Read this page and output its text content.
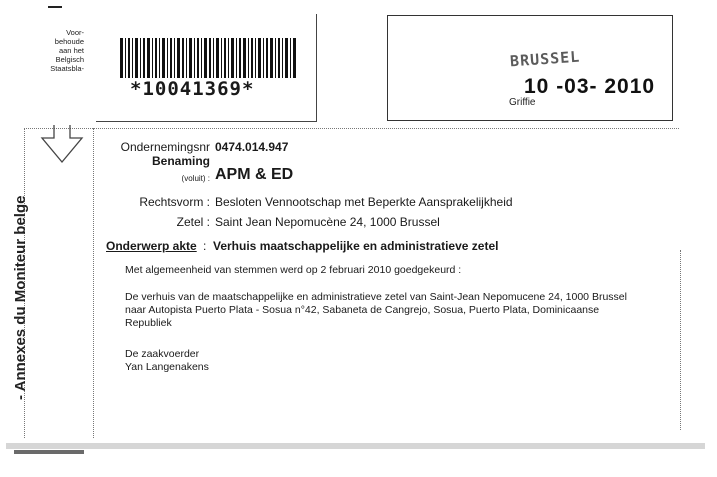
Voor-
behoude
aan het
Belgisch
Staatsbla-
*10041369*
BRUSSEL
10 -03- 2010
Griffie
- Annexes du Moniteur belge
Ondernemingsnr 0474.014.947
Benaming
(voluit) : APM & ED
Rechtsvorm : Besloten Vennootschap met Beperkte Aansprakelijkheid
Zetel : Saint Jean Nepomucène 24, 1000 Brussel
Onderwerp akte : Verhuis maatschappelijke en administratieve zetel
Met algemeenheid van stemmen werd op 2 februari 2010 goedgekeurd :
De verhuis van de maatschappelijke en administratieve zetel van Saint-Jean Nepomucene 24, 1000 Brussel
naar Autopista Puerto Plata - Sosua n°42, Sabaneta de Cangrejo, Sosua, Puerto Plata, Dominicaanse
Republiek
De zaakvoerder
Yan Langenakens
